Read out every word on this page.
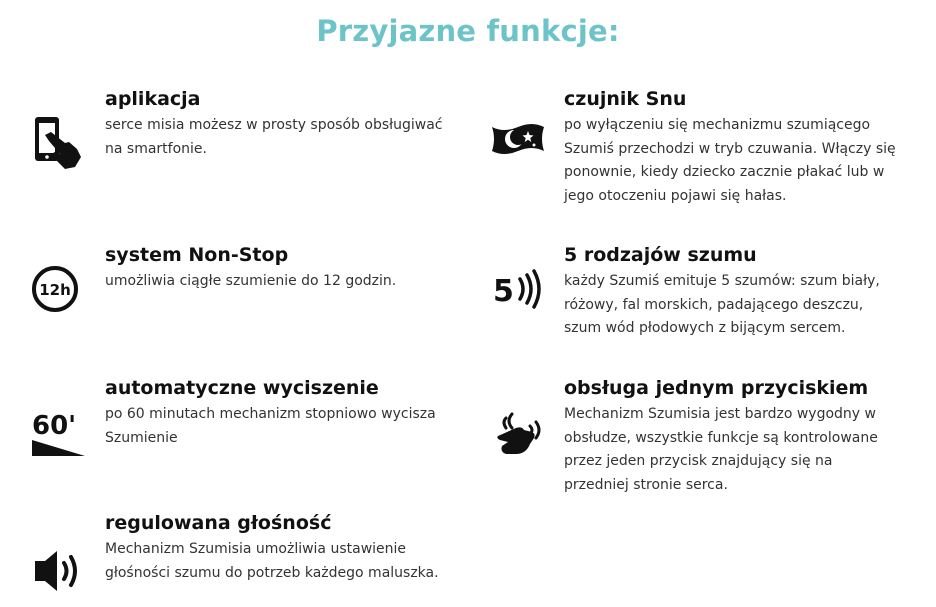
Przyjazne funkcje:
aplikacja
serce misia możesz w prosty sposób obsługiwać
na smartfonie.
czujnik Snu
po wyłączeniu się mechanizmu szumiącego
Szumiś przechodzi w tryb czuwania. Włączy się
ponownie, kiedy dziecko zacznie płakać lub w
jego otoczeniu pojawi się hałas.
12h
system Non-Stop
umożliwia ciągłe szumienie do 12 godzin.	5
5 rodzajów szumu
każdy Szumiś emituje 5 szumów: szum biały,
różowy, fal morskich, padającego deszczu,
szum wód płodowych z bijącym sercem.
60'
automatyczne wyciszenie
po 60 minutach mechanizm stopniowo wycisza
Szumienie
obsługa jednym przyciskiem
Mechanizm Szumisia jest bardzo wygodny w
obsłudze, wszystkie funkcje są kontrolowane
przez jeden przycisk znajdujący się na
przedniej stronie serca.
regulowana głośność
Mechanizm Szumisia umożliwia ustawienie
głośności szumu do potrzeb każdego maluszka.
